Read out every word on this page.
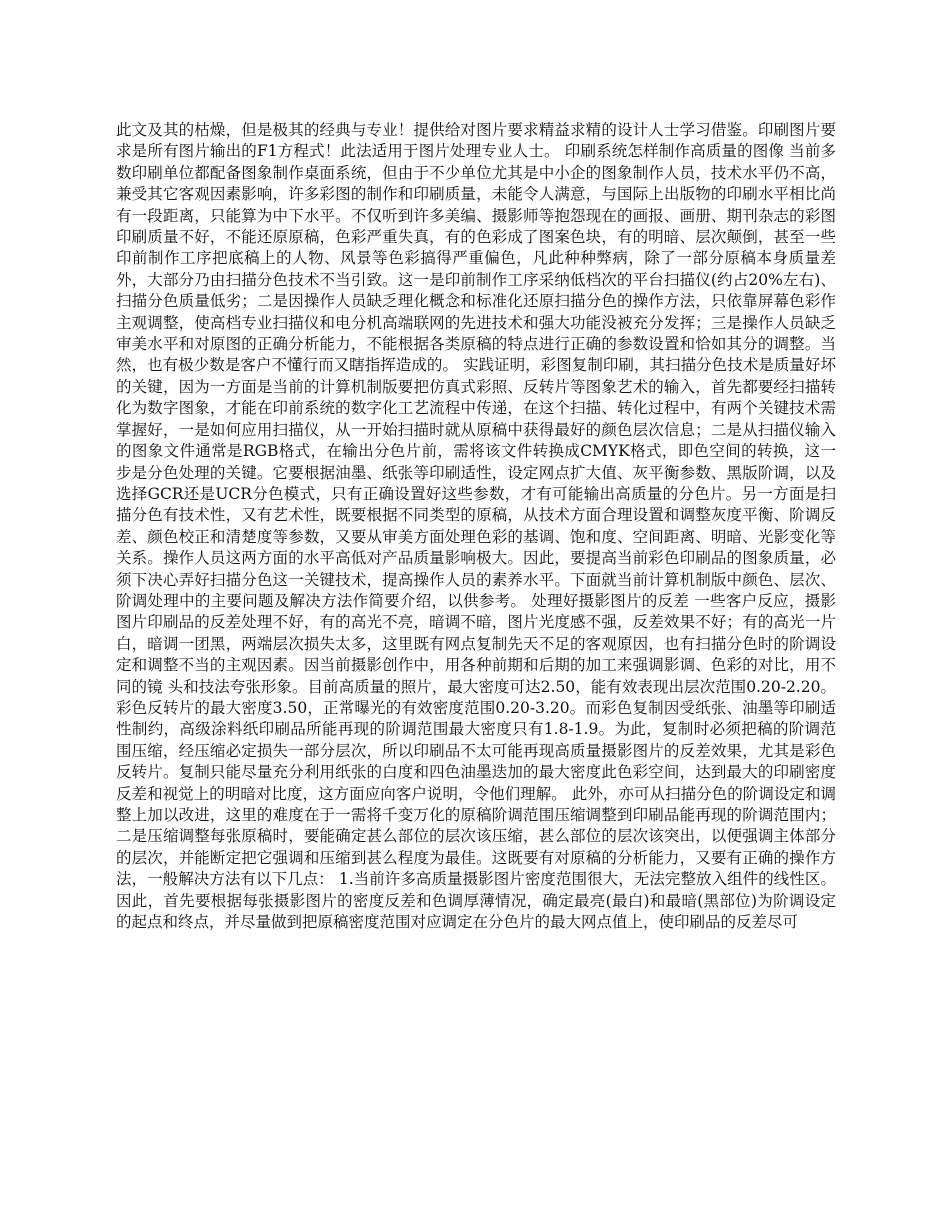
此文及其的枯燥，但是极其的经典与专业！提供给对图片要求精益求精的设计人士学习借鉴。印刷图片要求是所有图片输出的F1方程式！此法适用于图片处理专业人士。 印刷系统怎样制作高质量的图像 当前多数印刷单位都配备图象制作桌面系统，但由于不少单位尤其是中小企的图象制作人员，技术水平仍不高，兼受其它客观因素影响，许多彩图的制作和印刷质量，未能令人满意，与国际上出版物的印刷水平相比尚有一段距离，只能算为中下水平。不仅听到许多美编、摄影师等抱怨现在的画报、画册、期刊杂志的彩图印刷质量不好，不能还原原稿，色彩严重失真，有的色彩成了图案色块，有的明暗、层次颠倒，甚至一些印前制作工序把底稿上的人物、风景等色彩搞得严重偏色，凡此种种弊病，除了一部分原稿本身质量差外，大部分乃由扫描分色技术不当引致。这一是印前制作工序采纳低档次的平台扫描仪(约占20%左右)、扫描分色质量低劣；二是因操作人员缺乏理化概念和标准化还原扫描分色的操作方法，只依靠屏幕色彩作主观调整，使高档专业扫描仪和电分机高端联网的先进技术和强大功能没被充分发挥；三是操作人员缺乏审美水平和对原图的正确分析能力，不能根据各类原稿的特点进行正确的参数设置和恰如其分的调整。当然，也有极少数是客户不懂行而又瞎指挥造成的。 实践证明，彩图复制印刷，其扫描分色技术是质量好坏的关键，因为一方面是当前的计算机制版要把仿真式彩照、反转片等图象艺术的输入，首先都要经扫描转化为数字图象，才能在印前系统的数字化工艺流程中传递，在这个扫描、转化过程中，有两个关键技术需掌握好，一是如何应用扫描仪，从一开始扫描时就从原稿中获得最好的颜色层次信息；二是从扫描仪输入的图象文件通常是RGB格式，在输出分色片前，需将该文件转换成CMYK格式，即色空间的转换，这一步是分色处理的关键。它要根据油墨、纸张等印刷适性，设定网点扩大值、灰平衡参数、黑版阶调，以及选择GCR还是UCR分色模式，只有正确设置好这些参数，才有可能输出高质量的分色片。另一方面是扫描分色有技术性，又有艺术性，既要根据不同类型的原稿，从技术方面合理设置和调整灰度平衡、阶调反差、颜色校正和清楚度等参数，又要从审美方面处理色彩的基调、饱和度、空间距离、明暗、光影变化等关系。操作人员这两方面的水平高低对产品质量影响极大。因此，要提高当前彩色印刷品的图象质量，必须下决心弄好扫描分色这一关键技术，提高操作人员的素养水平。下面就当前计算机制版中颜色、层次、阶调处理中的主要问题及解决方法作简要介绍，以供参考。 处理好摄影图片的反差 一些客户反应，摄影图片印刷品的反差处理不好，有的高光不亮，暗调不暗，图片光度感不强，反差效果不好；有的高光一片白，暗调一团黑，两端层次损失太多，这里既有网点复制先天不足的客观原因，也有扫描分色时的阶调设定和调整不当的主观因素。因当前摄影创作中，用各种前期和后期的加工来强调影调、色彩的对比，用不同的镜 头和技法夸张形象。目前高质量的照片，最大密度可达2.50，能有效表现出层次范围0.20-2.20。彩色反转片的最大密度3.50，正常曝光的有效密度范围0.20-3.20。而彩色复制因受纸张、油墨等印刷适性制约，高级涂料纸印刷品所能再现的阶调范围最大密度只有1.8-1.9。为此，复制时必须把稿的阶调范围压缩，经压缩必定损失一部分层次，所以印刷品不太可能再现高质量摄影图片的反差效果，尤其是彩色反转片。复制只能尽量充分利用纸张的白度和四色油墨迭加的最大密度此色彩空间，达到最大的印刷密度反差和视觉上的明暗对比度，这方面应向客户说明，令他们理解。 此外，亦可从扫描分色的阶调设定和调整上加以改进，这里的难度在于一需将千变万化的原稿阶调范围压缩调整到印刷品能再现的阶调范围内；二是压缩调整每张原稿时，要能确定甚么部位的层次该压缩，甚么部位的层次该突出，以便强调主体部分的层次，并能断定把它强调和压缩到甚么程度为最佳。这既要有对原稿的分析能力，又要有正确的操作方法，一般解决方法有以下几点： 1.当前许多高质量摄影图片密度范围很大，无法完整放入组件的线性区。因此，首先要根据每张摄影图片的密度反差和色调厚薄情况，确定最亮(最白)和最暗(黑部位)为阶调设定的起点和终点，并尽量做到把原稿密度范围对应调定在分色片的最大网点值上，使印刷品的反差尽可
